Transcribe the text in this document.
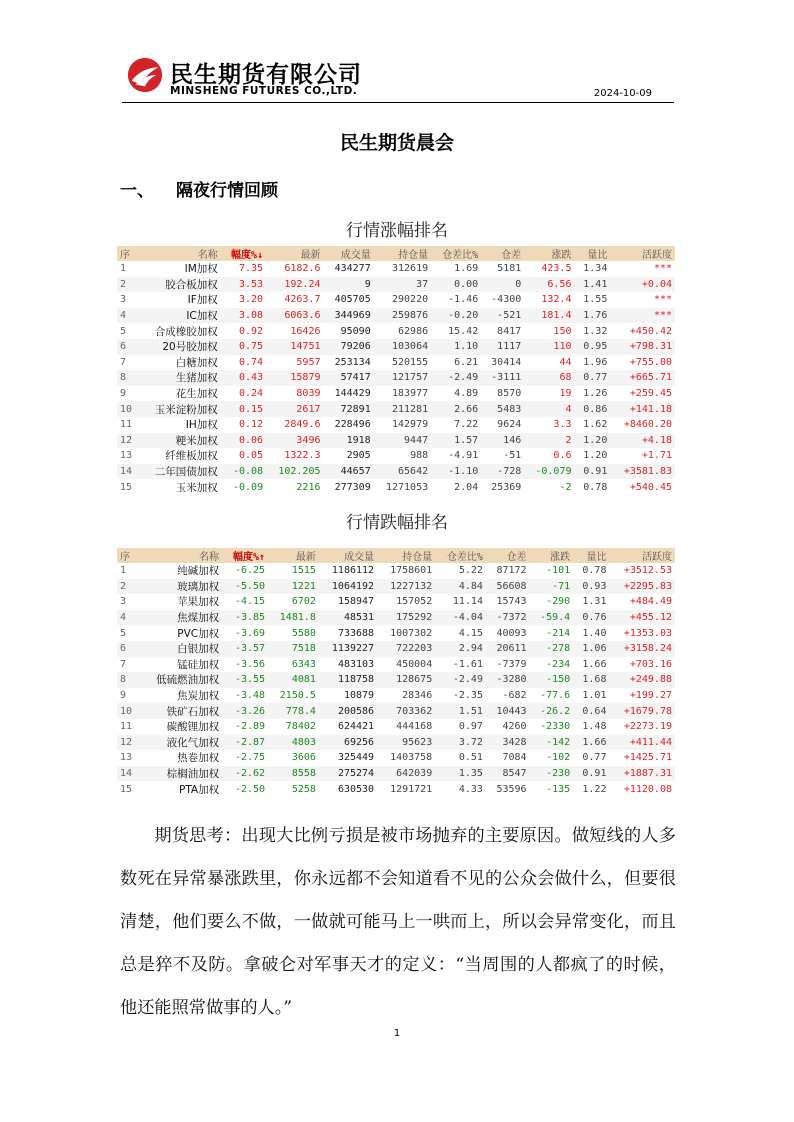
民生期货有限公司
MINSHENG FUTURES CO.,LTD.	2024-10-09
民生期货晨会
一、 隔夜行情回顾
行情涨幅排名
序	名称	幅度%↓	最新	成交量	持仓量	仓差比%	仓差	涨跌	量比	活跃度
1	IM加权	7.35	6182.6	434277	312619	1.69	5181	423.5	1.34	***
2	胶合板加权	3.53	192.24	9	37	0.00	0	6.56	1.41	+0.04
3	IF加权	3.20	4263.7	405705	290220	-1.46	-4300	132.4	1.55	***
4	IC加权	3.08	6063.6	344969	259876	-0.20	-521	181.4	1.76	***
5	合成橡胶加权	0.92	16426	95090	62986	15.42	8417	150	1.32	+450.42
6	20号胶加权	0.75	14751	79206	103064	1.10	1117	110	0.95	+798.31
7	白糖加权	0.74	5957	253134	520155	6.21	30414	44	1.96	+755.00
8	生猪加权	0.43	15879	57417	121757	-2.49	-3111	68	0.77	+665.71
9	花生加权	0.24	8039	144429	183977	4.89	8570	19	1.26	+259.45
10	玉米淀粉加权	0.15	2617	72891	211281	2.66	5483	4	0.86	+141.18
11	IH加权	0.12	2849.6	228496	142979	7.22	9624	3.3	1.62	+8460.20
12	粳米加权	0.06	3496	1918	9447	1.57	146	2	1.20	+4.18
13	纤维板加权	0.05	1322.3	2905	988	-4.91	-51	0.6	1.20	+1.71
14	二年国债加权	-0.08	102.205	44657	65642	-1.10	-728	-0.079	0.91	+3581.83
15	玉米加权	-0.09	2216	277309	1271053	2.04	25369	-2	0.78	+540.45
行情跌幅排名
序	名称	幅度%↑	最新	成交量	持仓量	仓差比%	仓差	涨跌	量比	活跃度
1	纯碱加权	-6.25	1515	1186112	1758601	5.22	87172	-101	0.78	+3512.53
2	玻璃加权	-5.50	1221	1064192	1227132	4.84	56608	-71	0.93	+2295.83
3	苹果加权	-4.15	6702	158947	157052	11.14	15743	-290	1.31	+484.49
4	焦煤加权	-3.85	1481.8	48531	175292	-4.04	-7372	-59.4	0.76	+455.12
5	PVC加权	-3.69	5580	733688	1007302	4.15	40093	-214	1.40	+1353.03
6	白银加权	-3.57	7518	1139227	722203	2.94	20611	-278	1.06	+3158.24
7	锰硅加权	-3.56	6343	483103	450004	-1.61	-7379	-234	1.66	+703.16
8	低硫燃油加权	-3.55	4081	118758	128675	-2.49	-3280	-150	1.68	+249.88
9	焦炭加权	-3.48	2150.5	10879	28346	-2.35	-682	-77.6	1.01	+199.27
10	铁矿石加权	-3.26	778.4	200586	703362	1.51	10443	-26.2	0.64	+1679.78
11	碳酸锂加权	-2.89	78402	624421	444168	0.97	4260	-2330	1.48	+2273.19
12	液化气加权	-2.87	4803	69256	95623	3.72	3428	-142	1.66	+411.44
13	热卷加权	-2.75	3606	325449	1403758	0.51	7084	-102	0.77	+1425.71
14	棕榈油加权	-2.62	8558	275274	642039	1.35	8547	-230	0.91	+1887.31
15	PTA加权	-2.50	5258	630530	1291721	4.33	53596	-135	1.22	+1120.08

期货思考：出现大比例亏损是被市场抛弃的主要原因。做短线的人多数死在异常暴涨跌里，你永远都不会知道看不见的公众会做什么，但要很清楚，他们要么不做，一做就可能马上一哄而上，所以会异常变化，而且总是猝不及防。拿破仑对军事天才的定义：“当周围的人都疯了的时候，他还能照常做事的人。”

1
